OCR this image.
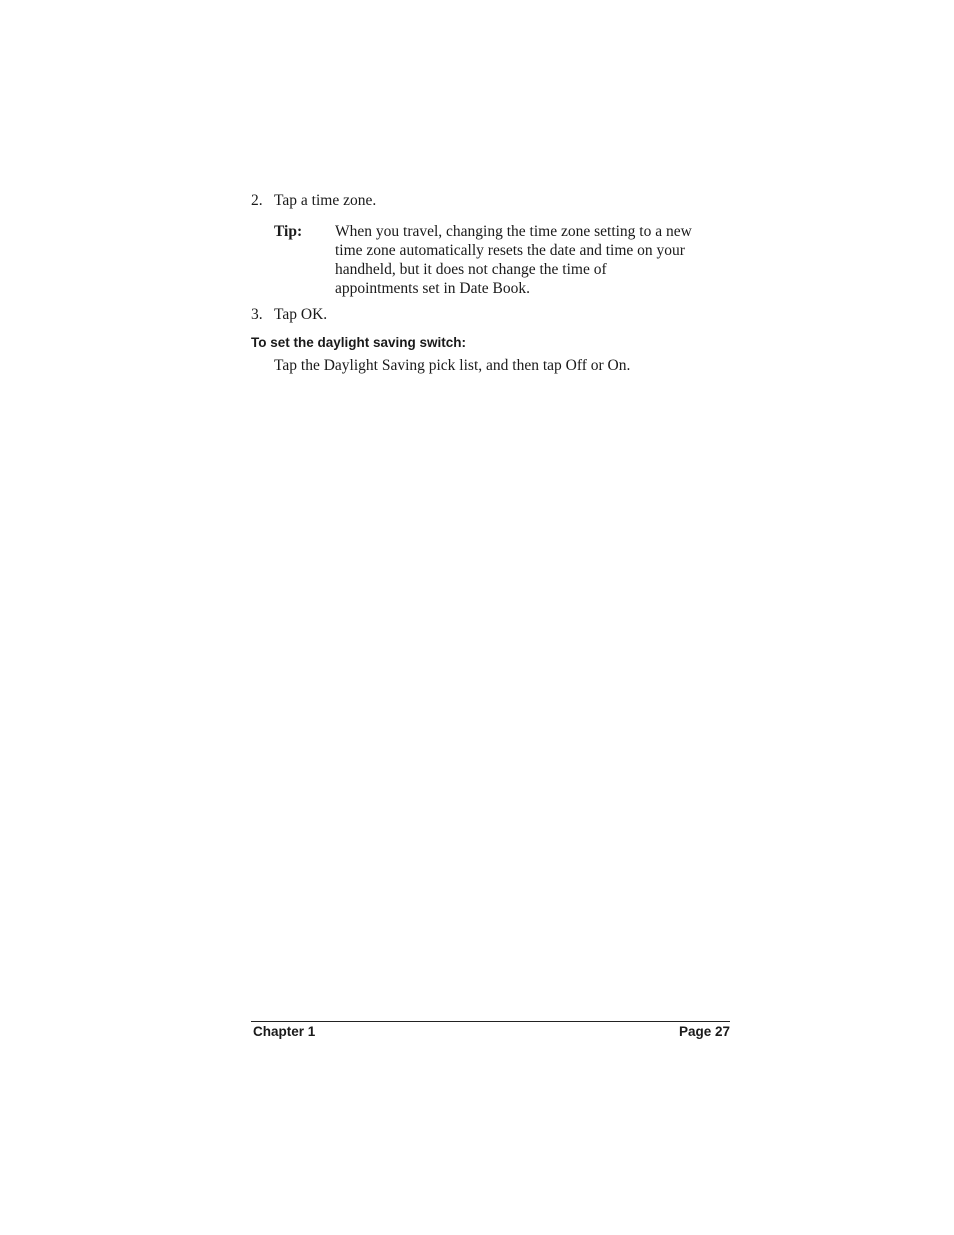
2. Tap a time zone.
Tip: When you travel, changing the time zone setting to a new
time zone automatically resets the date and time on your
handheld, but it does not change the time of
appointments set in Date Book.
3. Tap OK.
To set the daylight saving switch:
Tap the Daylight Saving pick list, and then tap Off or On.
Chapter 1	Page 27
